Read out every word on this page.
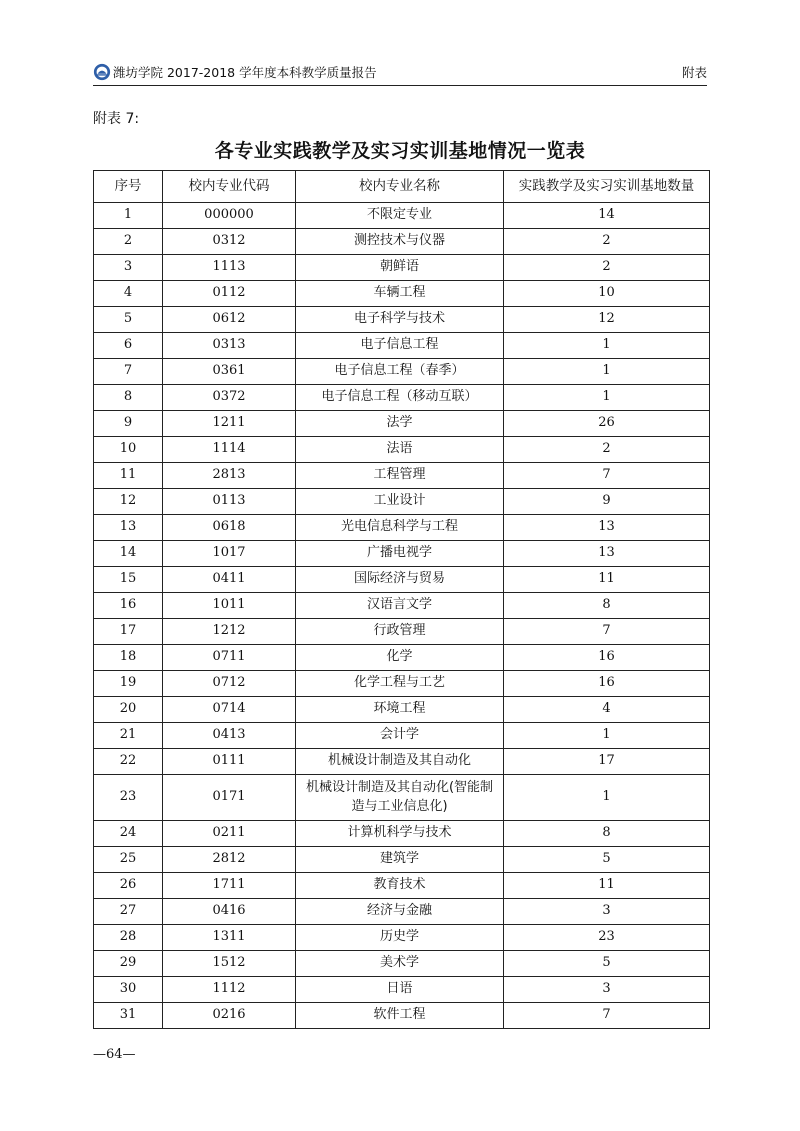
潍坊学院 2017-2018 学年度本科教学质量报告	附表
附表 7:
各专业实践教学及实习实训基地情况一览表
序号	校内专业代码	校内专业名称	实践教学及实习实训基地数量
1	000000	不限定专业	14
2	0312	测控技术与仪器	2
3	1113	朝鲜语	2
4	0112	车辆工程	10
5	0612	电子科学与技术	12
6	0313	电子信息工程	1
7	0361	电子信息工程（春季）	1
8	0372	电子信息工程（移动互联）	1
9	1211	法学	26
10	1114	法语	2
11	2813	工程管理	7
12	0113	工业设计	9
13	0618	光电信息科学与工程	13
14	1017	广播电视学	13
15	0411	国际经济与贸易	11
16	1011	汉语言文学	8
17	1212	行政管理	7
18	0711	化学	16
19	0712	化学工程与工艺	16
20	0714	环境工程	4
21	0413	会计学	1
22	0111	机械设计制造及其自动化	17
23	0171	机械设计制造及其自动化(智能制造与工业信息化)	1
24	0211	计算机科学与技术	8
25	2812	建筑学	5
26	1711	教育技术	11
27	0416	经济与金融	3
28	1311	历史学	23
29	1512	美术学	5
30	1112	日语	3
31	0216	软件工程	7
—64—
